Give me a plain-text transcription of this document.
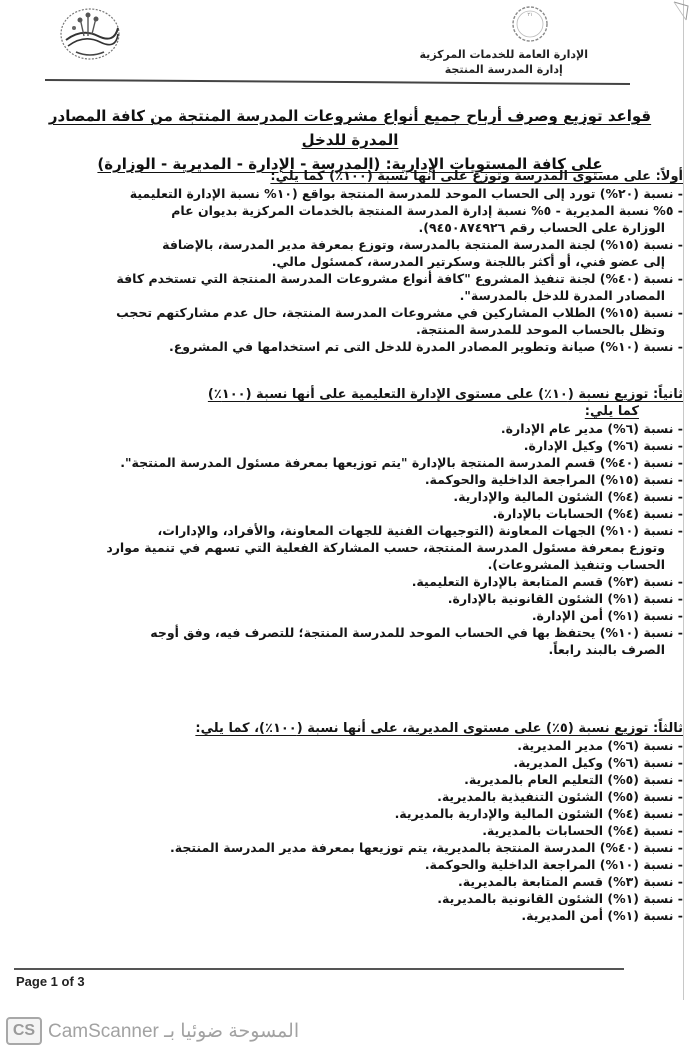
۲۱
الإدارة العامة للخدمات المركزية
إدارة المدرسة المنتجة
قواعد توزيع وصرف أرباح جميع أنواع مشروعات المدرسة المنتجة من كافة المصادر المدرة للدخل
على كافة المستويات الإدارية: (المدرسة - الإدارة - المديرية - الوزارة)

أولاً: على مستوى المدرسة وتوزع على أنها نسبة (١٠٠٪) كما يلي:

- نسبة (٢٠%) تورد إلى الحساب الموحد للمدرسة المنتجة بواقع (١٠% نسبة الإدارة التعليمية
- ٥% نسبة المديرية - ٥% نسبة إدارة المدرسة المنتجة بالخدمات المركزية بديوان عام
الوزارة على الحساب رقم ٩٤٥٠٨٧٤٩٢٦).
- نسبة (١٥%) لجنة المدرسة المنتجة بالمدرسة، وتوزع بمعرفة مدير المدرسة، بالإضافة
إلى عضو فني، أو أكثر باللجنة وسكرتير المدرسة، كمسئول مالي.
- نسبة (٤٠%) لجنة تنفيذ المشروع "كافة أنواع مشروعات المدرسة المنتجة التي تستخدم كافة
المصادر المدرة للدخل بالمدرسة".
- نسبة (١٥%) الطلاب المشاركين في مشروعات المدرسة المنتجة، حال عدم مشاركتهم تحجب
وتظل بالحساب الموحد للمدرسة المنتجة.
- نسبة (١٠%) صيانة وتطوير المصادر المدرة للدخل التى تم استخدامها في المشروع.

ثانياً: توزيع نسبة (١٠٪) على مستوى الإدارة التعليمية على أنها نسبة (١٠٠٪)

كما يلي:

- نسبة (٦%) مدير عام الإدارة.
- نسبة (٦%) وكيل الإدارة.
- نسبة (٤٠%) قسم المدرسة المنتجة بالإدارة "يتم توزيعها بمعرفة مسئول المدرسة المنتجة".
- نسبة (١٥%) المراجعة الداخلية والحوكمة.
- نسبة (٤%) الشئون المالية والإدارية.
- نسبة (٤%) الحسابات بالإدارة.
- نسبة (١٠%) الجهات المعاونة (التوجيهات الفنية للجهات المعاونة، والأفراد، والإدارات،
وتوزع بمعرفة مسئول المدرسة المنتجة، حسب المشاركة الفعلية التي تسهم في تنمية موارد
الحساب وتنفيذ المشروعات).
- نسبة (٣%) قسم المتابعة بالإدارة التعليمية.
- نسبة (١%) الشئون القانونية بالإدارة.
- نسبة (١%) أمن الإدارة.
- نسبة (١٠%) يحتفظ بها في الحساب الموحد للمدرسة المنتجة؛ للتصرف فيه، وفق أوجه
الصرف بالبند رابعاً.

ثالثاً: توزيع نسبة (٥٪) على مستوى المديرية، على أنها نسبة (١٠٠٪)، كما يلي:

- نسبة (٦%) مدير المديرية.
- نسبة (٦%) وكيل المديرية.
- نسبة (٥%) التعليم العام بالمديرية.
- نسبة (٥%) الشئون التنفيذية بالمديرية.
- نسبة (٤%) الشئون المالية والإدارية بالمديرية.
- نسبة (٤%) الحسابات بالمديرية.
- نسبة (٤٠%) المدرسة المنتجة بالمديرية، يتم توزيعها بمعرفة مدير المدرسة المنتجة.
- نسبة (١٠%) المراجعة الداخلية والحوكمة.
- نسبة (٣%) قسم المتابعة بالمديرية.
- نسبة (١%) الشئون القانونية بالمديرية.
- نسبة (١%) أمن المديرية.
Page 1 of 3
CS CamScanner المسوحة ضوئيا بـ
